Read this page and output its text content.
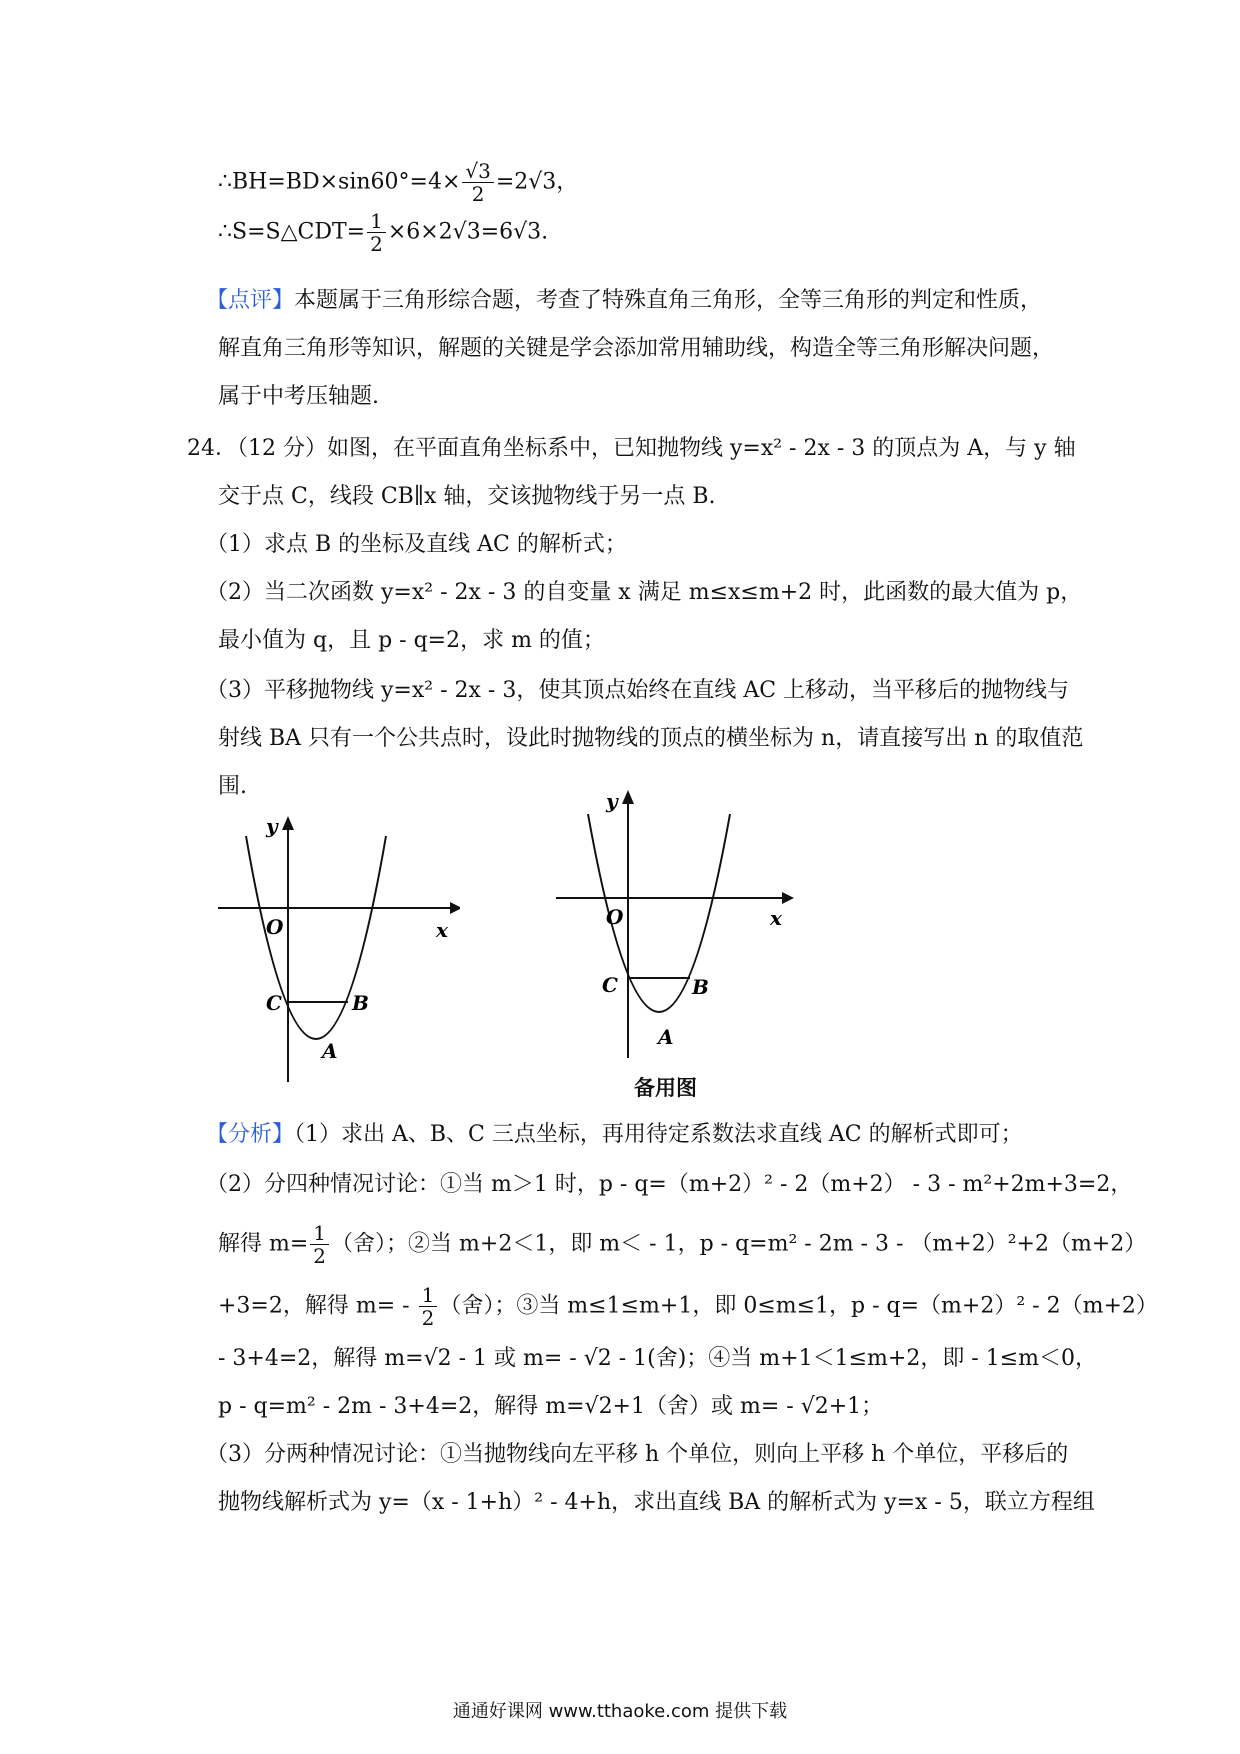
∴BH=BD×sin60°=4× $\frac{√3}{2} =2√3$，
∴S=S△CDT= $\frac{1}{2} \times 6\times 2√3=6√3$.
【点评】本题属于三角形综合题，考查了特殊直角三角形，全等三角形的判定和性质，
解直角三角形等知识，解题的关键是学会添加常用辅助线，构造全等三角形解决问题，
属于中考压轴题.
24．（12 分）如图，在平面直角坐标系中，已知抛物线 y=x² - 2x - 3 的顶点为 A，与 y 轴
交于点 C，线段 CB∥x 轴，交该抛物线于另一点 B.
（1）求点 B 的坐标及直线 AC 的解析式；
（2）当二次函数 y=x² - 2x - 3 的自变量 x 满足 m≤x≤m+2 时，此函数的最大值为 p，
最小值为 q，且 p - q=2，求 m 的值；
（3）平移抛物线 y=x² - 2x - 3，使其顶点始终在直线 AC 上移动，当平移后的抛物线与
射线 BA 只有一个公共点时，设此时抛物线的顶点的横坐标为 n，请直接写出 n 的取值范
围.
y
x
O
C	B
A
y
x
O
C	B
A
备用图
【分析】（1）求出 A、B、C 三点坐标，再用待定系数法求直线 AC 的解析式即可；
（2）分四种情况讨论：①当 m＞1 时，p - q=（m+2）² - 2（m+2） - 3 - m²+2m+3=2，
解得 $m= \frac{1}{2}$ （舍）；②当 m+2＜1，即 m＜ - 1，p - q=m² - 2m - 3 - （m+2）²+2（m+2）
+3=2，解得 $m= - \frac{1}{2}$ （舍）；③当 m≤1≤m+1，即 0≤m≤1，p - q=（m+2）² - 2（m+2）
- 3+4=2，解得 m=√2 - 1 或 m= - √2 - 1(舍)；④当 m+1＜1≤m+2，即 - 1≤m＜0，
p - q=m² - 2m - 3+4=2，解得 m=√2+1（舍）或 m= - √2+1；
（3）分两种情况讨论：①当抛物线向左平移 h 个单位，则向上平移 h 个单位，平移后的
抛物线解析式为 y=（x - 1+h）² - 4+h，求出直线 BA 的解析式为 y=x - 5，联立方程组
通通好课网 www.tthaoke.com 提供下载
